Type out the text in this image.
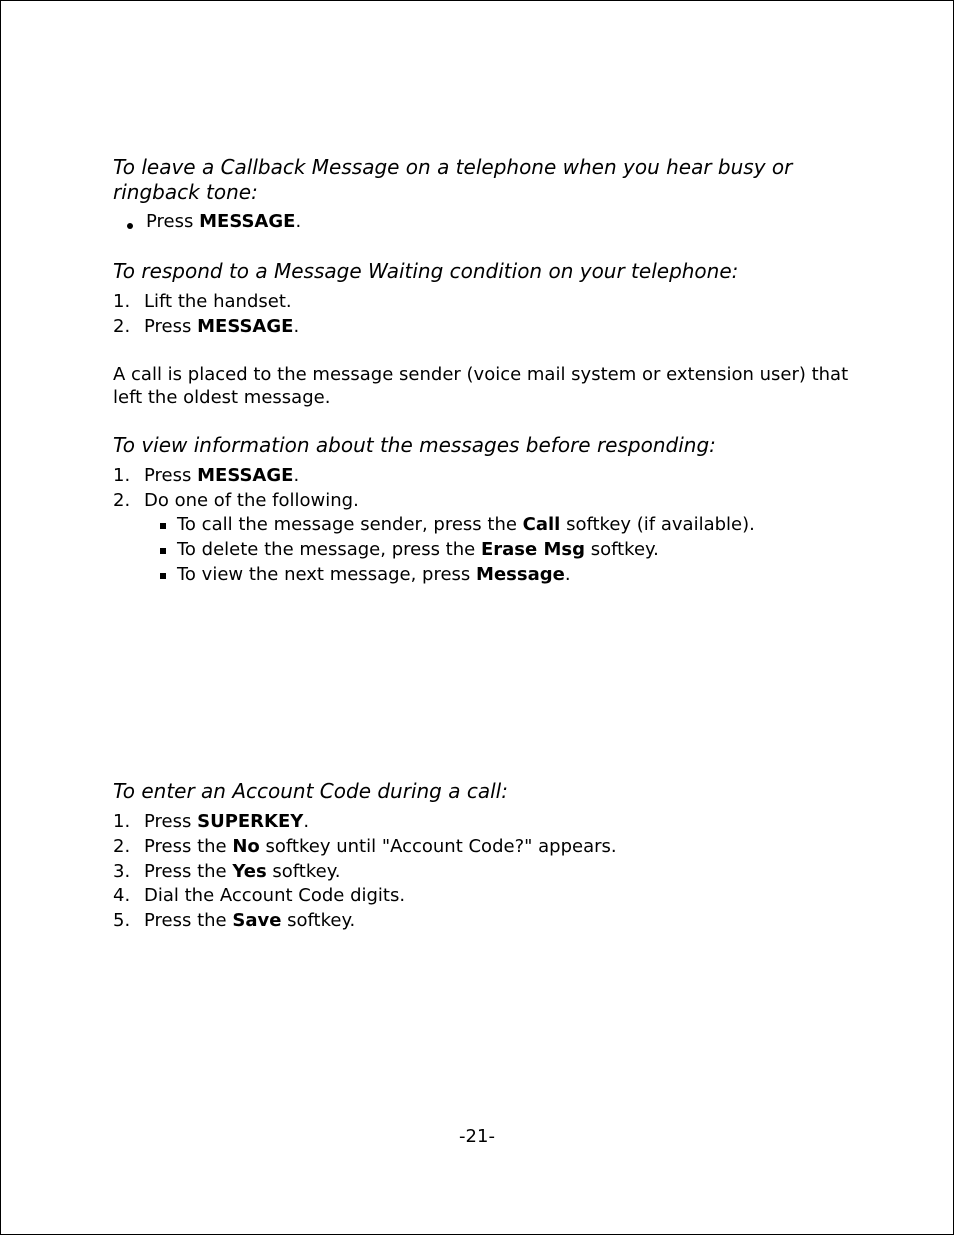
To leave a Callback Message on a telephone when you hear busy or ringback tone:

Press MESSAGE.

To respond to a Message Waiting condition on your telephone:

1. Lift the handset.

2. Press MESSAGE.

A call is placed to the message sender (voice mail system or extension user) that left the oldest message.

To view information about the messages before responding:

1. Press MESSAGE.

2. Do one of the following.

To call the message sender, press the Call softkey (if available).

To delete the message, press the Erase Msg softkey.

To view the next message, press Message.

To enter an Account Code during a call:

1. Press SUPERKEY.

2. Press the No softkey until "Account Code?" appears.

3. Press the Yes softkey.

4. Dial the Account Code digits.

5. Press the Save softkey.

-21-
